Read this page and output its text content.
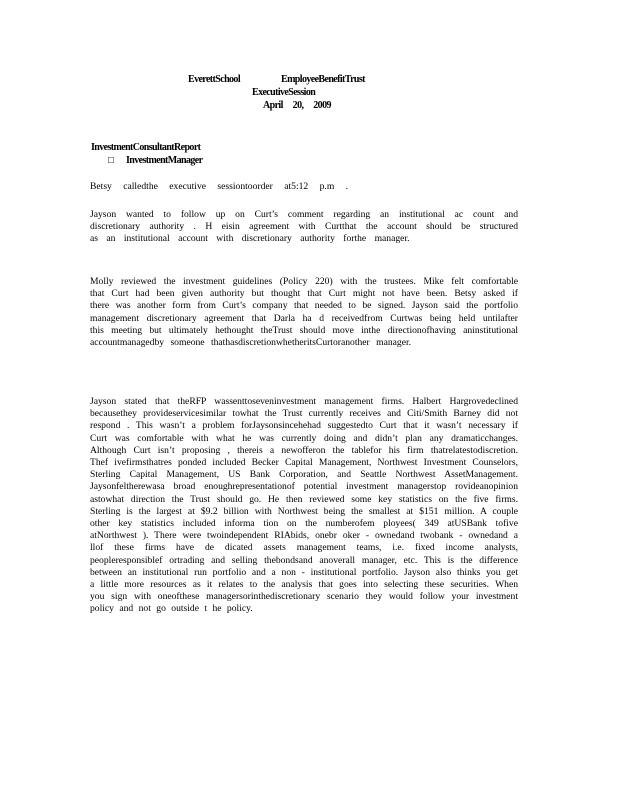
EverettSchool	EmployeeBenefitTrust
ExecutiveSession
April 20, 2009
InvestmentConsultantReport
□ InvestmentManager

Betsy calledthe executive sessiontoorder at5:12 p.m .

Jayson wanted to follow up on Curt’s comment regarding an institutional ac count and discretionary authority . H eisin agreement with Curtthat the account should be structured as an institutional account with discretionary authority forthe manager.

Molly reviewed the investment guidelines (Policy 220) with the trustees. Mike felt comfortable that Curt had been given authority but thought that Curt might not have been. Betsy asked if there was another form from Curt’s company that needed to be signed. Jayson said the portfolio management discretionary agreement that Darla ha d receivedfrom Curtwas being held untilafter this meeting but ultimately hethought theTrust should move inthe directionofhaving aninstitutional accountmanagedby someone thathasdiscretionwhetheritsCurtoranother manager.

Jayson stated that theRFP wassenttoseveninvestment management firms. Halbert Hargrovedeclined becausethey provideservicesimilar towhat the Trust currently receives and Citi/Smith Barney did not respond . This wasn’t a problem forJaysonsincehehad suggestedto Curt that it wasn’t necessary if Curt was comfortable with what he was currently doing and didn’t plan any dramaticchanges. Although Curt isn’t proposing , thereis a newofferon the tablefor his firm thatrelatestodiscretion. Thef ivefirmsthatres ponded included Becker Capital Management, Northwest Investment Counselors, Sterling Capital Management, US Bank Corporation, and Seattle Northwest AssetManagement. Jaysonfeltherewasa broad enoughrepresentationof potential investment managerstop rovideanopinion astowhat direction the Trust should go. He then reviewed some key statistics on the five firms. Sterling is the largest at $9.2 billion with Northwest being the smallest at $151 million. A couple other key statistics included informa tion on the numberofem ployees( 349 atUSBank tofive atNorthwest ). There were twoindependent RIAbids, onebr oker - ownedand twobank - ownedand a llof these firms have de dicated assets management teams, i.e. fixed income analysts, peopleresponsiblef ortrading and selling thebondsand anoverall manager, etc. This is the difference between an institutional run portfolio and a non - institutional portfolio. Jayson also thinks you get a little more resources as it relates to the analysis that goes into selecting these securities. When you sign with oneofthese managersorinthediscretionary scenario they would follow your investment policy and not go outside t he policy.
